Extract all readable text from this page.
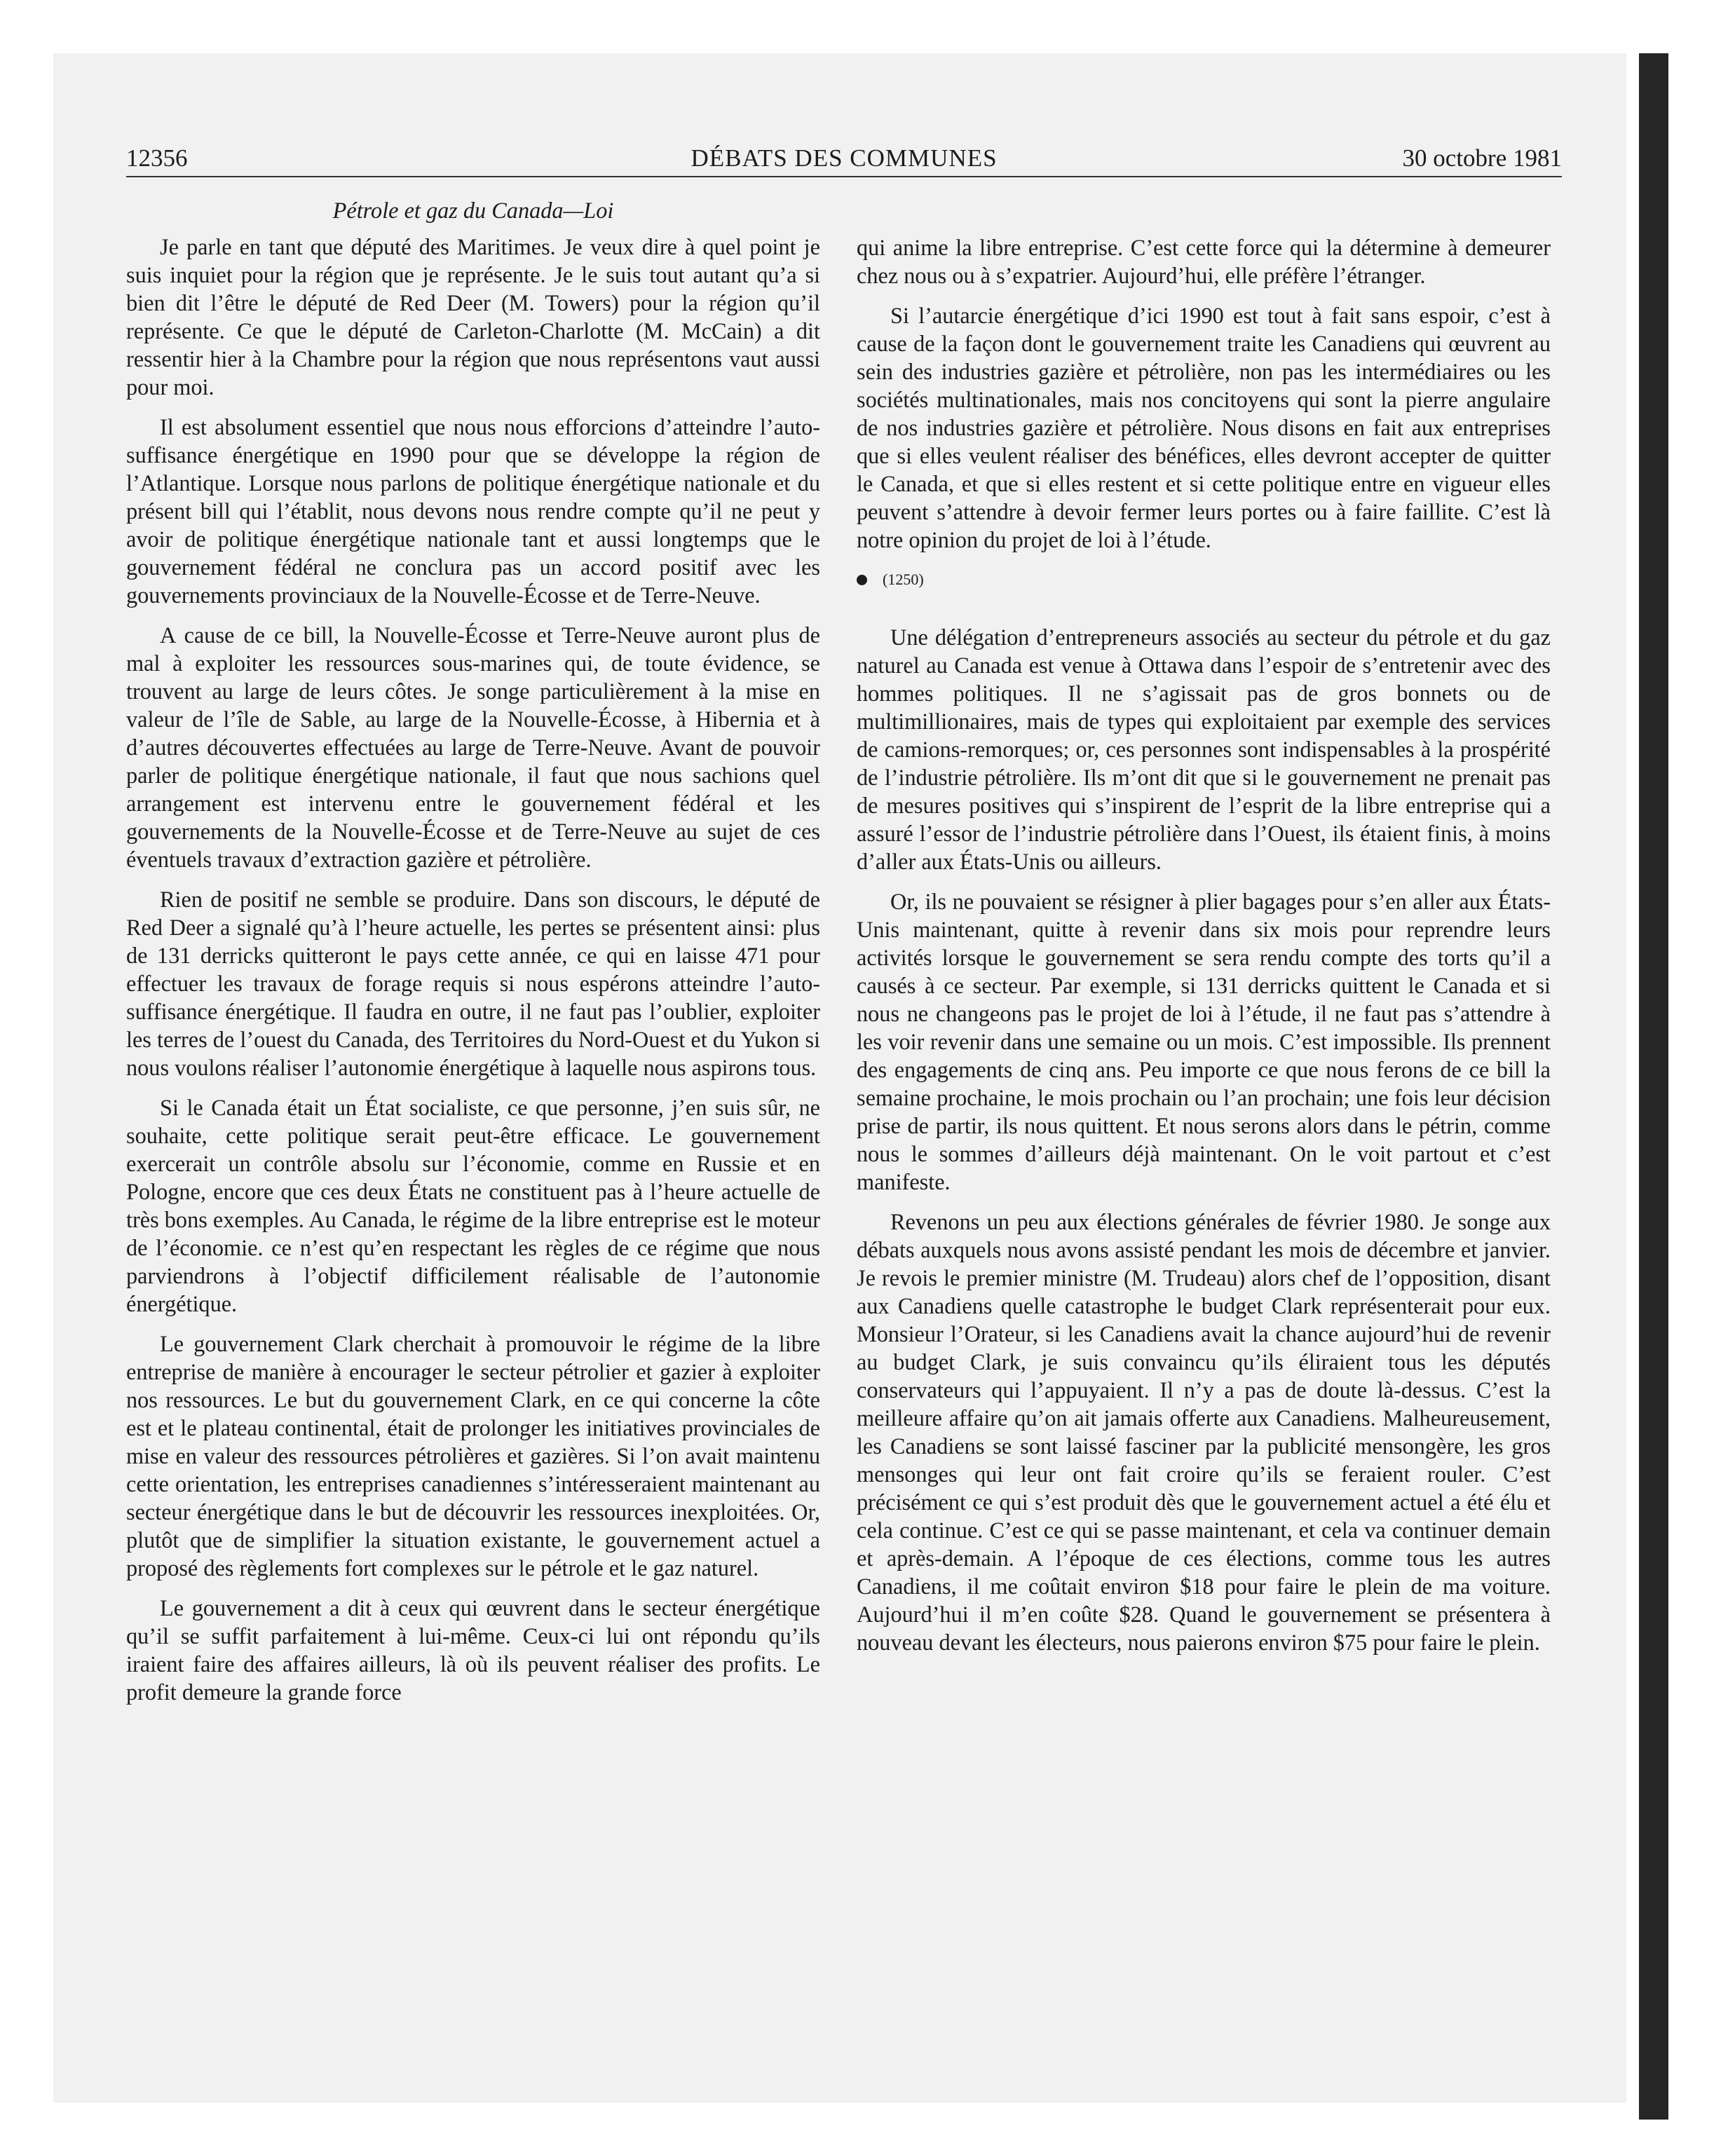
12356	DÉBATS DES COMMUNES	30 octobre 1981
Pétrole et gaz du Canada—Loi

Je parle en tant que député des Maritimes. Je veux dire à quel point je suis inquiet pour la région que je représente. Je le suis tout autant qu’a si bien dit l’être le député de Red Deer (M. Towers) pour la région qu’il représente. Ce que le député de Carleton-Charlotte (M. McCain) a dit ressentir hier à la Chambre pour la région que nous représentons vaut aussi pour moi.

Il est absolument essentiel que nous nous efforcions d’atteindre l’auto-suffisance énergétique en 1990 pour que se développe la région de l’Atlantique. Lorsque nous parlons de politique énergétique nationale et du présent bill qui l’établit, nous devons nous rendre compte qu’il ne peut y avoir de politique énergétique nationale tant et aussi longtemps que le gouvernement fédéral ne conclura pas un accord positif avec les gouvernements provinciaux de la Nouvelle-Écosse et de Terre-Neuve.

A cause de ce bill, la Nouvelle-Écosse et Terre-Neuve auront plus de mal à exploiter les ressources sous-marines qui, de toute évidence, se trouvent au large de leurs côtes. Je songe particulièrement à la mise en valeur de l’île de Sable, au large de la Nouvelle-Écosse, à Hibernia et à d’autres découvertes effectuées au large de Terre-Neuve. Avant de pouvoir parler de politique énergétique nationale, il faut que nous sachions quel arrangement est intervenu entre le gouvernement fédéral et les gouvernements de la Nouvelle-Écosse et de Terre-Neuve au sujet de ces éventuels travaux d’extraction gazière et pétrolière.

Rien de positif ne semble se produire. Dans son discours, le député de Red Deer a signalé qu’à l’heure actuelle, les pertes se présentent ainsi: plus de 131 derricks quitteront le pays cette année, ce qui en laisse 471 pour effectuer les travaux de forage requis si nous espérons atteindre l’auto-suffisance énergétique. Il faudra en outre, il ne faut pas l’oublier, exploiter les terres de l’ouest du Canada, des Territoires du Nord-Ouest et du Yukon si nous voulons réaliser l’autonomie énergétique à laquelle nous aspirons tous.

Si le Canada était un État socialiste, ce que personne, j’en suis sûr, ne souhaite, cette politique serait peut-être efficace. Le gouvernement exercerait un contrôle absolu sur l’économie, comme en Russie et en Pologne, encore que ces deux États ne constituent pas à l’heure actuelle de très bons exemples. Au Canada, le régime de la libre entreprise est le moteur de l’économie. ce n’est qu’en respectant les règles de ce régime que nous parviendrons à l’objectif difficilement réalisable de l’autonomie énergétique.

Le gouvernement Clark cherchait à promouvoir le régime de la libre entreprise de manière à encourager le secteur pétrolier et gazier à exploiter nos ressources. Le but du gouvernement Clark, en ce qui concerne la côte est et le plateau continental, était de prolonger les initiatives provinciales de mise en valeur des ressources pétrolières et gazières. Si l’on avait maintenu cette orientation, les entreprises canadiennes s’intéresseraient maintenant au secteur énergétique dans le but de découvrir les ressources inexploitées. Or, plutôt que de simplifier la situation existante, le gouvernement actuel a proposé des règlements fort complexes sur le pétrole et le gaz naturel.

Le gouvernement a dit à ceux qui œuvrent dans le secteur énergétique qu’il se suffit parfaitement à lui-même. Ceux-ci lui ont répondu qu’ils iraient faire des affaires ailleurs, là où ils peuvent réaliser des profits. Le profit demeure la grande force

qui anime la libre entreprise. C’est cette force qui la détermine à demeurer chez nous ou à s’expatrier. Aujourd’hui, elle préfère l’étranger.

Si l’autarcie énergétique d’ici 1990 est tout à fait sans espoir, c’est à cause de la façon dont le gouvernement traite les Canadiens qui œuvrent au sein des industries gazière et pétrolière, non pas les intermédiaires ou les sociétés multinationales, mais nos concitoyens qui sont la pierre angulaire de nos industries gazière et pétrolière. Nous disons en fait aux entreprises que si elles veulent réaliser des bénéfices, elles devront accepter de quitter le Canada, et que si elles restent et si cette politique entre en vigueur elles peuvent s’attendre à devoir fermer leurs portes ou à faire faillite. C’est là notre opinion du projet de loi à l’étude.

(1250)

Une délégation d’entrepreneurs associés au secteur du pétrole et du gaz naturel au Canada est venue à Ottawa dans l’espoir de s’entretenir avec des hommes politiques. Il ne s’agissait pas de gros bonnets ou de multimillionaires, mais de types qui exploitaient par exemple des services de camions-remorques; or, ces personnes sont indispensables à la prospérité de l’industrie pétrolière. Ils m’ont dit que si le gouvernement ne prenait pas de mesures positives qui s’inspirent de l’esprit de la libre entreprise qui a assuré l’essor de l’industrie pétrolière dans l’Ouest, ils étaient finis, à moins d’aller aux États-Unis ou ailleurs.

Or, ils ne pouvaient se résigner à plier bagages pour s’en aller aux États-Unis maintenant, quitte à revenir dans six mois pour reprendre leurs activités lorsque le gouvernement se sera rendu compte des torts qu’il a causés à ce secteur. Par exemple, si 131 derricks quittent le Canada et si nous ne changeons pas le projet de loi à l’étude, il ne faut pas s’attendre à les voir revenir dans une semaine ou un mois. C’est impossible. Ils prennent des engagements de cinq ans. Peu importe ce que nous ferons de ce bill la semaine prochaine, le mois prochain ou l’an prochain; une fois leur décision prise de partir, ils nous quittent. Et nous serons alors dans le pétrin, comme nous le sommes d’ailleurs déjà maintenant. On le voit partout et c’est manifeste.

Revenons un peu aux élections générales de février 1980. Je songe aux débats auxquels nous avons assisté pendant les mois de décembre et janvier. Je revois le premier ministre (M. Trudeau) alors chef de l’opposition, disant aux Canadiens quelle catastrophe le budget Clark représenterait pour eux. Monsieur l’Orateur, si les Canadiens avait la chance aujourd’hui de revenir au budget Clark, je suis convaincu qu’ils éliraient tous les députés conservateurs qui l’appuyaient. Il n’y a pas de doute là-dessus. C’est la meilleure affaire qu’on ait jamais offerte aux Canadiens. Malheureusement, les Canadiens se sont laissé fasciner par la publicité mensongère, les gros mensonges qui leur ont fait croire qu’ils se feraient rouler. C’est précisément ce qui s’est produit dès que le gouvernement actuel a été élu et cela continue. C’est ce qui se passe maintenant, et cela va continuer demain et après-demain. A l’époque de ces élections, comme tous les autres Canadiens, il me coûtait environ $18 pour faire le plein de ma voiture. Aujourd’hui il m’en coûte $28. Quand le gouvernement se présentera à nouveau devant les électeurs, nous paierons environ $75 pour faire le plein.
